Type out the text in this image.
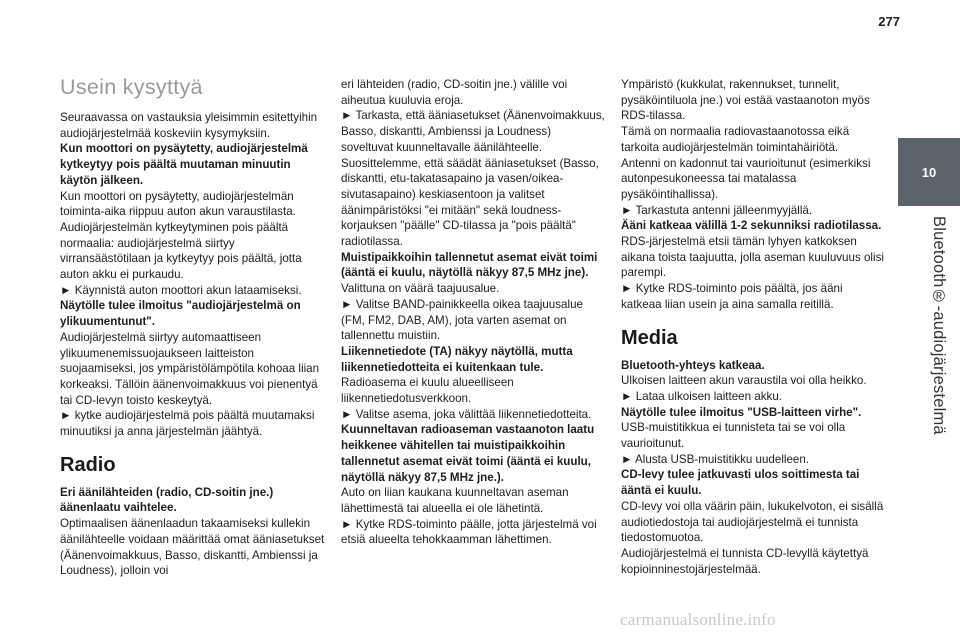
277
10
Bluetooth®-audiojärjestelmä
Usein kysyttyä

Seuraavassa on vastauksia yleisimmin esitettyihin audiojärjestelmää koskeviin kysymyksiin.

Kun moottori on pysäytetty, audiojärjestelmä kytkeytyy pois päältä muutaman minuutin käytön jälkeen.

Kun moottori on pysäytetty, audiojärjestelmän toiminta-aika riippuu auton akun varaustilasta.

Audiojärjestelmän kytkeytyminen pois päältä normaalia: audiojärjestelmä siirtyy virransäästötilaan ja kytkeytyy pois päältä, jotta auton akku ei purkaudu.

► Käynnistä auton moottori akun lataamiseksi.

Näytölle tulee ilmoitus "audiojärjestelmä on ylikuumentunut".

Audiojärjestelmä siirtyy automaattiseen ylikuumenemissuojaukseen laitteiston suojaamiseksi, jos ympäristölämpötila kohoaa liian korkeaksi. Tällöin äänenvoimakkuus voi pienentyä tai CD-levyn toisto keskeytyä.

► kytke audiojärjestelmä pois päältä muutamaksi minuutiksi ja anna järjestelmän jäähtyä.

Radio

Eri äänilähteiden (radio, CD-soitin jne.) äänenlaatu vaihtelee.

Optimaalisen äänenlaadun takaamiseksi kullekin äänilähteelle voidaan määrittää omat ääniasetukset (Äänenvoimakkuus, Basso, diskantti, Ambienssi ja Loudness), jolloin voi

eri lähteiden (radio, CD-soitin jne.) välille voi aiheutua kuuluvia eroja.

► Tarkasta, että ääniasetukset (Äänenvoimakkuus, Basso, diskantti, Ambienssi ja Loudness) soveltuvat kuunneltavalle äänilähteelle. Suosittelemme, että säädät ääniasetukset (Basso, diskantti, etu-takatasapaino ja vasen/oikea-sivutasapaino) keskiasentoon ja valitset äänimpäristöksi "ei mitään" sekä loudness-korjauksen "päälle" CD-tilassa ja "pois päältä" radiotilassa.

Muistipaikkoihin tallennetut asemat eivät toimi (ääntä ei kuulu, näytöllä näkyy 87,5 MHz jne).

Valittuna on väärä taajuusalue.

► Valitse BAND-painikkeella oikea taajuusalue (FM, FM2, DAB, AM), jota varten asemat on tallennettu muistiin.

Liikennetiedote (TA) näkyy näytöllä, mutta liikennetiedotteita ei kuitenkaan tule.

Radioasema ei kuulu alueelliseen liikennetiedotusverkkoon.

► Valitse asema, joka välittää liikennetiedotteita.

Kuunneltavan radioaseman vastaanoton laatu heikkenee vähitellen tai muistipaikkoihin tallennetut asemat eivät toimi (ääntä ei kuulu, näytöllä näkyy 87,5 MHz jne.).

Auto on liian kaukana kuunneltavan aseman lähettimestä tai alueella ei ole lähetintä.

► Kytke RDS-toiminto päälle, jotta järjestelmä voi etsiä alueelta tehokkaamman lähettimen.

Ympäristö (kukkulat, rakennukset, tunnelit, pysäköintiluola jne.) voi estää vastaanoton myös RDS-tilassa.

Tämä on normaalia radiovastaanotossa eikä tarkoita audiojärjestelmän toimintahäiriötä.

Antenni on kadonnut tai vaurioitunut (esimerkiksi autonpesukoneessa tai matalassa pysäköintihallissa).

► Tarkastuta antenni jälleenmyyjällä.

Ääni katkeaa välillä 1-2 sekunniksi radiotilassa.

RDS-järjestelmä etsii tämän lyhyen katkoksen aikana toista taajuutta, jolla aseman kuuluvuus olisi parempi.

► Kytke RDS-toiminto pois päältä, jos ääni katkeaa liian usein ja aina samalla reitillä.

Media

Bluetooth-yhteys katkeaa.

Ulkoisen laitteen akun varaustila voi olla heikko.

► Lataa ulkoisen laitteen akku.

Näytölle tulee ilmoitus "USB-laitteen virhe".

USB-muistitikkua ei tunnisteta tai se voi olla vaurioitunut.

► Alusta USB-muistitikku uudelleen.

CD-levy tulee jatkuvasti ulos soittimesta tai ääntä ei kuulu.

CD-levy voi olla väärin päin, lukukelvoton, ei sisällä audiotiedostoja tai audiojärjestelmä ei tunnista tiedostomuotoa.

Audiojärjestelmä ei tunnista CD-levyllä käytettyä kopioinninestojärjestelmää.

carmanualsonline.info
